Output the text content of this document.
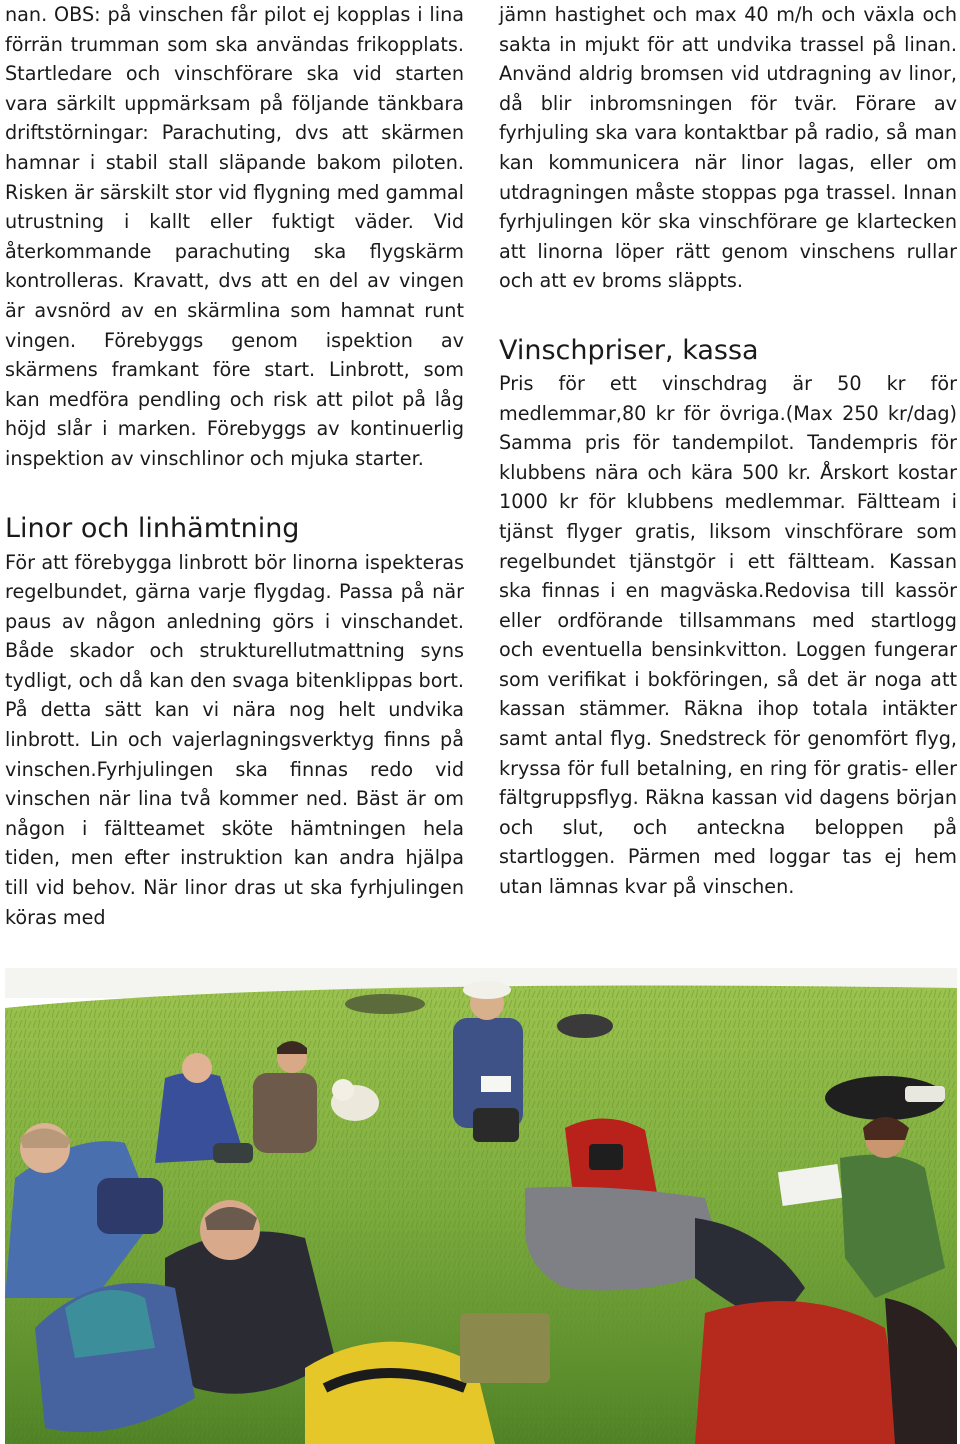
nan. OBS: på vinschen får pilot ej kopplas i lina förrän trumman som ska användas frikopplats. Startledare och vinschförare ska vid starten vara särkilt uppmärksam på följande tänkbara driftstörningar: Parachuting, dvs att skärmen hamnar i stabil stall släpande bakom piloten. Risken är särskilt stor vid flygning med gammal utrustning i kallt eller fuktigt väder. Vid återkommande parachuting ska flygskärm kontrolleras. Kravatt, dvs att en del av vingen är avsnörd av en skärmlina som hamnat runt vingen. Förebyggs genom ispektion av skärmens framkant före start. Linbrott, som kan medföra pendling och risk att pilot på låg höjd slår i marken. Förebyggs av kontinuerlig inspektion av vinschlinor och mjuka starter.

Linor och linhämtning

För att förebygga linbrott bör linorna ispekteras regelbundet, gärna varje flygdag. Passa på när paus av någon anledning görs i vinschandet. Både skador och strukturellutmattning syns tydligt, och då kan den svaga bitenklippas bort. På detta sätt kan vi nära nog helt undvika linbrott. Lin och vajerlagningsverktyg finns på vinschen.Fyrhjulingen ska finnas redo vid vinschen när lina två kommer ned. Bäst är om någon i fältteamet sköte hämtningen hela tiden, men efter instruktion kan andra hjälpa till vid behov. När linor dras ut ska fyrhjulingen köras med

jämn hastighet och max 40 m/h och växla och sakta in mjukt för att undvika trassel på linan. Använd aldrig bromsen vid utdragning av linor, då blir inbromsningen för tvär. Förare av fyrhjuling ska vara kontaktbar på radio, så man kan kommunicera när linor lagas, eller om utdragningen måste stoppas pga trassel. Innan fyrhjulingen kör ska vinschförare ge klartecken att linorna löper rätt genom vinschens rullar och att ev broms släppts.

Vinschpriser, kassa

Pris för ett vinschdrag är 50 kr för medlemmar,80 kr för övriga.(Max 250 kr/dag) Samma pris för tandempilot. Tandempris för klubbens nära och kära 500 kr. Årskort kostar 1000 kr för klubbens medlemmar. Fältteam i tjänst flyger gratis, liksom vinschförare som regelbundet tjänstgör i ett fältteam. Kassan ska finnas i en magväska.Redovisa till kassör eller ordförande tillsammans med startlogg och eventuella bensinkvitton. Loggen fungerar som verifikat i bokföringen, så det är noga att kassan stämmer. Räkna ihop totala intäkter samt antal flyg. Snedstreck för genomfört flyg, kryssa för full betalning, en ring för gratis- eller fältgruppsflyg. Räkna kassan vid dagens början och slut, och anteckna beloppen på startloggen. Pärmen med loggar tas ej hem utan lämnas kvar på vinschen.
